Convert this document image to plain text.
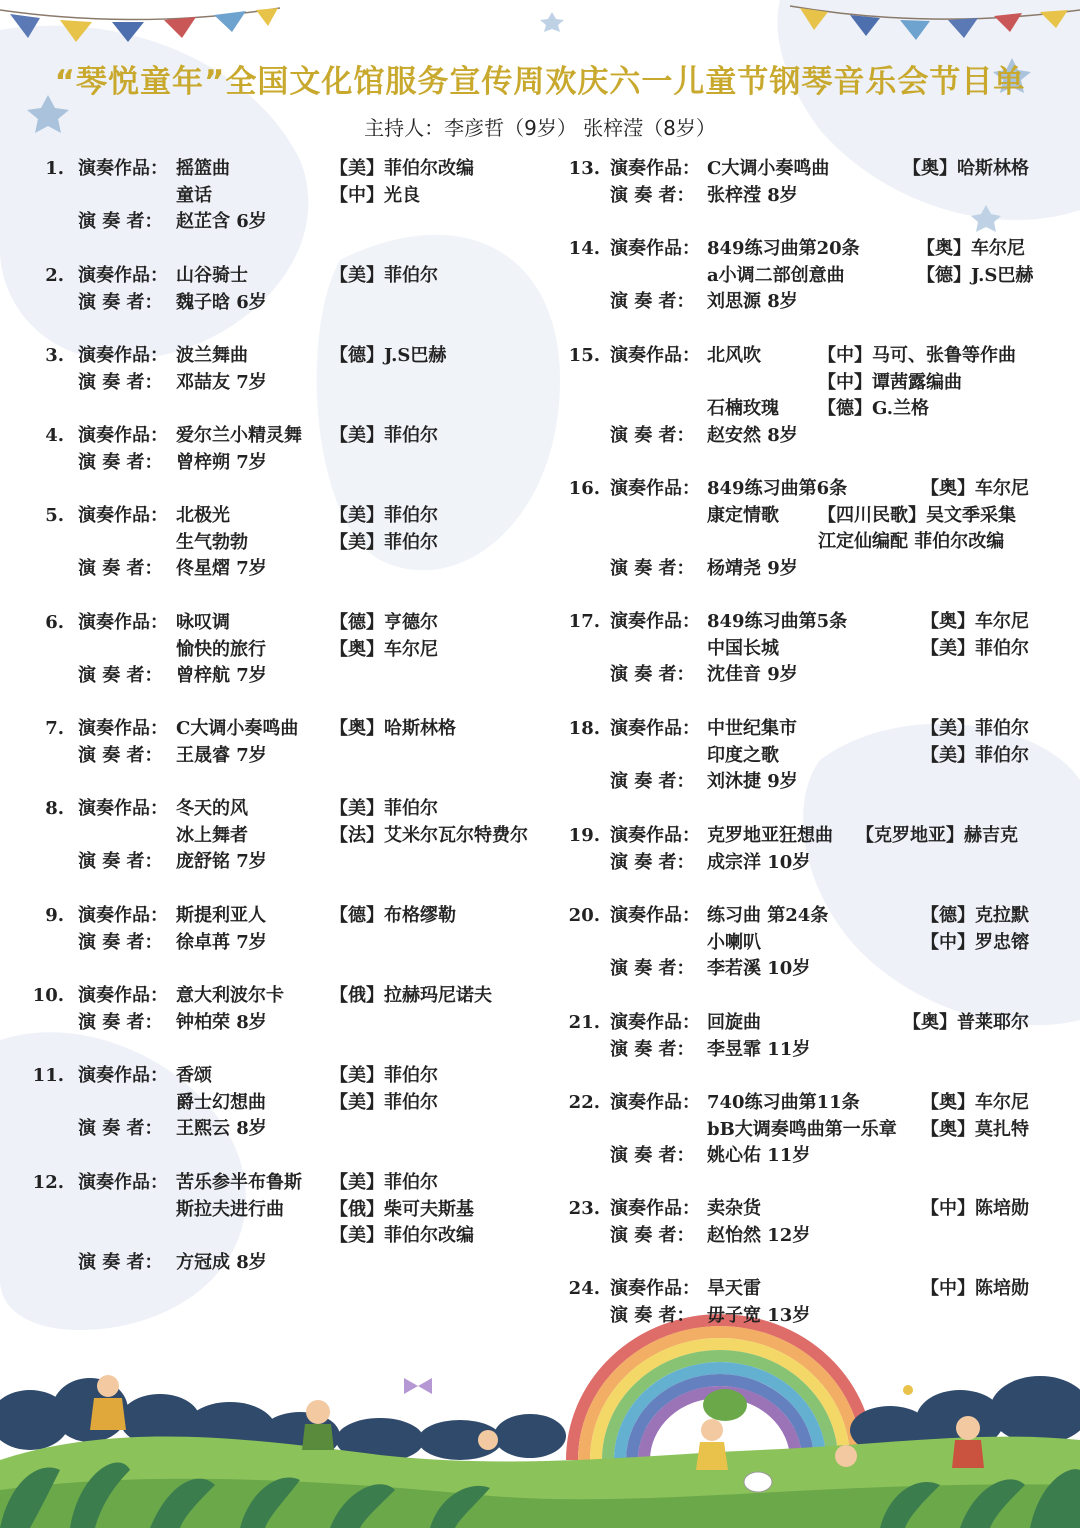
“琴悦童年”全国文化馆服务宣传周欢庆六一儿童节钢琴音乐会节目单
主持人：李彦哲（9岁） 张梓滢（8岁）
1. 演奏作品： 摇篮曲	【美】菲伯尔改编
童话	【中】光良
演 奏 者： 赵芷含 6岁
2. 演奏作品： 山谷骑士	【美】菲伯尔
演 奏 者： 魏子晗 6岁
3. 演奏作品： 波兰舞曲	【德】J.S巴赫
演 奏 者： 邓喆友 7岁
4. 演奏作品： 爱尔兰小精灵舞 【美】菲伯尔
演 奏 者： 曾梓朔 7岁
5. 演奏作品： 北极光	【美】菲伯尔
生气勃勃	【美】菲伯尔
演 奏 者： 佟星熠 7岁
6. 演奏作品： 咏叹调	【德】亨德尔
愉快的旅行	【奥】车尔尼
演 奏 者： 曾梓航 7岁
7. 演奏作品： C大调小奏鸣曲 【奥】哈斯林格
演 奏 者： 王晟睿 7岁
8. 演奏作品： 冬天的风	【美】菲伯尔
冰上舞者	【法】艾米尔瓦尔特费尔
演 奏 者： 庞舒铭 7岁
9. 演奏作品： 斯提利亚人	【德】布格缪勒
演 奏 者： 徐卓苒 7岁
10. 演奏作品： 意大利波尔卡	【俄】拉赫玛尼诺夫
演 奏 者： 钟柏荣 8岁
11. 演奏作品： 香颂	【美】菲伯尔
爵士幻想曲	【美】菲伯尔
演 奏 者： 王熙云 8岁
12. 演奏作品： 苦乐参半布鲁斯 【美】菲伯尔
斯拉夫进行曲	【俄】柴可夫斯基
【美】菲伯尔改编
演 奏 者： 方冠成 8岁
13. 演奏作品： C大调小奏鸣曲	【奥】哈斯林格
演 奏 者： 张梓滢 8岁
14. 演奏作品： 849练习曲第20条	【奥】车尔尼
a小调二部创意曲	【德】J.S巴赫
演 奏 者： 刘思源 8岁
15. 演奏作品： 北风吹	【中】马可、张鲁等作曲
【中】谭茜露编曲
石楠玫瑰 【德】G.兰格
演 奏 者： 赵安然 8岁
16. 演奏作品： 849练习曲第6条	【奥】车尔尼
康定情歌 【四川民歌】吴文季采集
江定仙编配 菲伯尔改编
演 奏 者： 杨靖尧 9岁
17. 演奏作品： 849练习曲第5条	【奥】车尔尼
中国长城	【美】菲伯尔
演 奏 者： 沈佳音 9岁
18. 演奏作品： 中世纪集市	【美】菲伯尔
印度之歌	【美】菲伯尔
演 奏 者： 刘沐捷 9岁
19. 演奏作品： 克罗地亚狂想曲 【克罗地亚】赫吉克
演 奏 者： 成宗洋 10岁
20. 演奏作品： 练习曲 第24条	【德】克拉默
小喇叭	【中】罗忠镕
演 奏 者： 李若溪 10岁
21. 演奏作品： 回旋曲	【奥】普莱耶尔
演 奏 者： 李昱霏 11岁
22. 演奏作品： 740练习曲第11条	【奥】车尔尼
bB大调奏鸣曲第一乐章 【奥】莫扎特
演 奏 者： 姚心佑 11岁
23. 演奏作品： 卖杂货	【中】陈培勋
演 奏 者： 赵怡然 12岁
24. 演奏作品： 旱天雷	【中】陈培勋
演 奏 者： 毋子宽 13岁
